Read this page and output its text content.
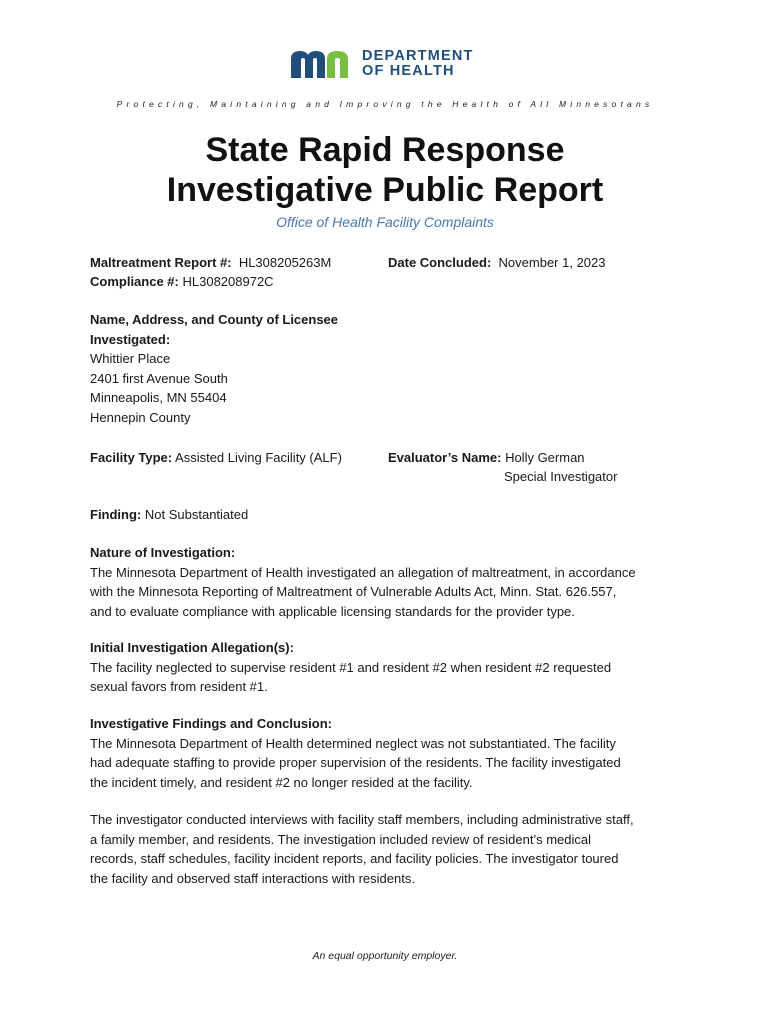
DEPARTMENT
OF HEALTH
Protecting, Maintaining and Improving the Health of All Minnesotans
State Rapid Response
Investigative Public Report
Office of Health Facility Complaints
Maltreatment Report #: HL308205263M
Compliance #: HL308208972C
Date Concluded: November 1, 2023
Name, Address, and County of Licensee
Investigated:
Whittier Place
2401 first Avenue South
Minneapolis, MN 55404
Hennepin County
Facility Type: Assisted Living Facility (ALF)	Evaluator’s Name: Holly German
Special Investigator
Finding: Not Substantiated
Nature of Investigation:
The Minnesota Department of Health investigated an allegation of maltreatment, in accordance
with the Minnesota Reporting of Maltreatment of Vulnerable Adults Act, Minn. Stat. 626.557,
and to evaluate compliance with applicable licensing standards for the provider type.
Initial Investigation Allegation(s):
The facility neglected to supervise resident #1 and resident #2 when resident #2 requested
sexual favors from resident #1.
Investigative Findings and Conclusion:
The Minnesota Department of Health determined neglect was not substantiated. The facility
had adequate staffing to provide proper supervision of the residents. The facility investigated
the incident timely, and resident #2 no longer resided at the facility.
The investigator conducted interviews with facility staff members, including administrative staff,
a family member, and residents. The investigation included review of resident’s medical
records, staff schedules, facility incident reports, and facility policies. The investigator toured
the facility and observed staff interactions with residents.
An equal opportunity employer.
